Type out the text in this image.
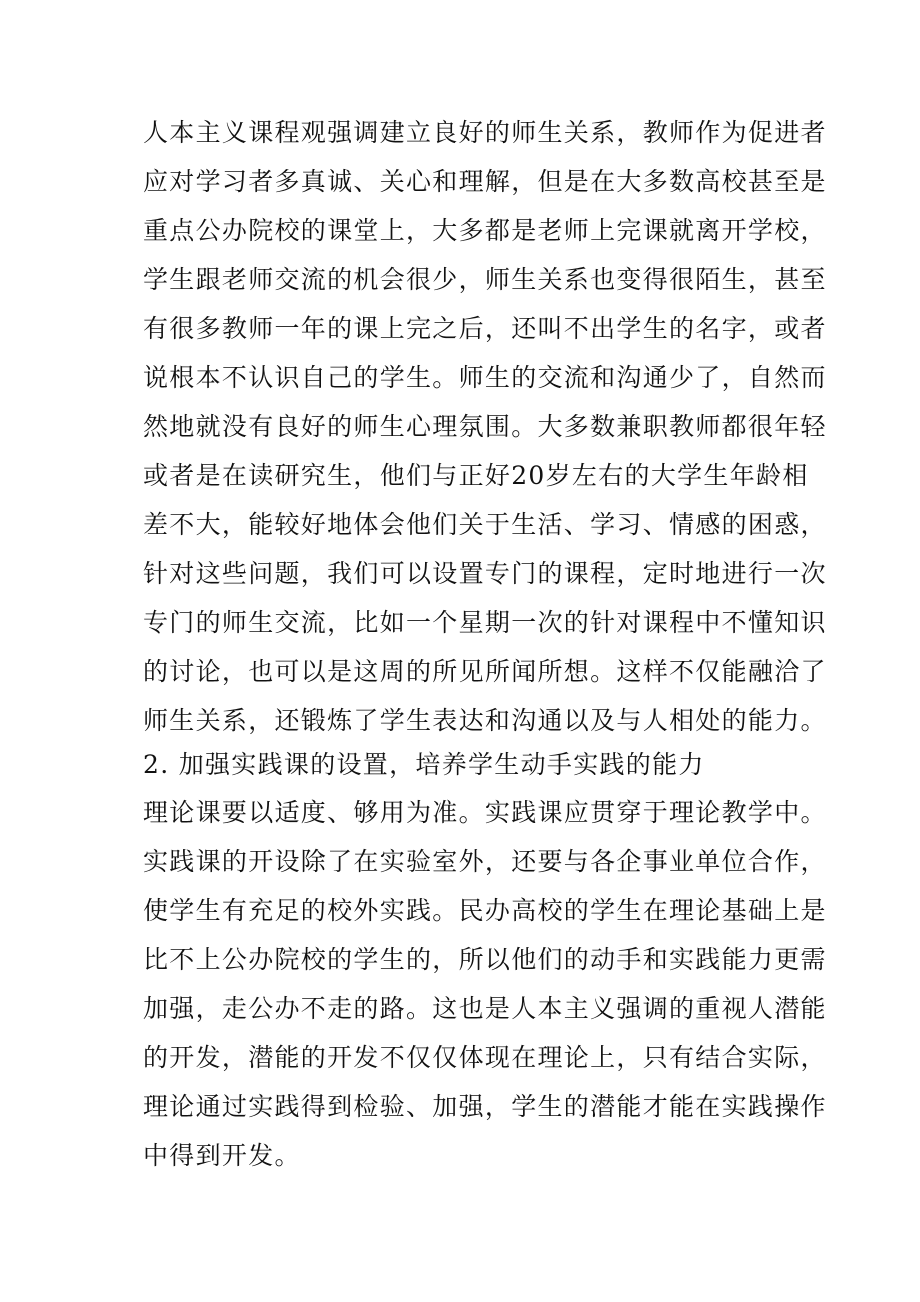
人本主义课程观强调建立良好的师生关系，教师作为促进者
应对学习者多真诚、关心和理解，但是在大多数高校甚至是
重点公办院校的课堂上，大多都是老师上完课就离开学校，
学生跟老师交流的机会很少，师生关系也变得很陌生，甚至
有很多教师一年的课上完之后，还叫不出学生的名字，或者
说根本不认识自己的学生。师生的交流和沟通少了，自然而
然地就没有良好的师生心理氛围。大多数兼职教师都很年轻
或者是在读研究生，他们与正好20岁左右的大学生年龄相
差不大，能较好地体会他们关于生活、学习、情感的困惑，
针对这些问题，我们可以设置专门的课程，定时地进行一次
专门的师生交流，比如一个星期一次的针对课程中不懂知识
的讨论，也可以是这周的所见所闻所想。这样不仅能融洽了
师生关系，还锻炼了学生表达和沟通以及与人相处的能力。
2. 加强实践课的设置，培养学生动手实践的能力
理论课要以适度、够用为准。实践课应贯穿于理论教学中。
实践课的开设除了在实验室外，还要与各企事业单位合作，
使学生有充足的校外实践。民办高校的学生在理论基础上是
比不上公办院校的学生的，所以他们的动手和实践能力更需
加强，走公办不走的路。这也是人本主义强调的重视人潜能
的开发，潜能的开发不仅仅体现在理论上，只有结合实际，
理论通过实践得到检验、加强，学生的潜能才能在实践操作
中得到开发。
